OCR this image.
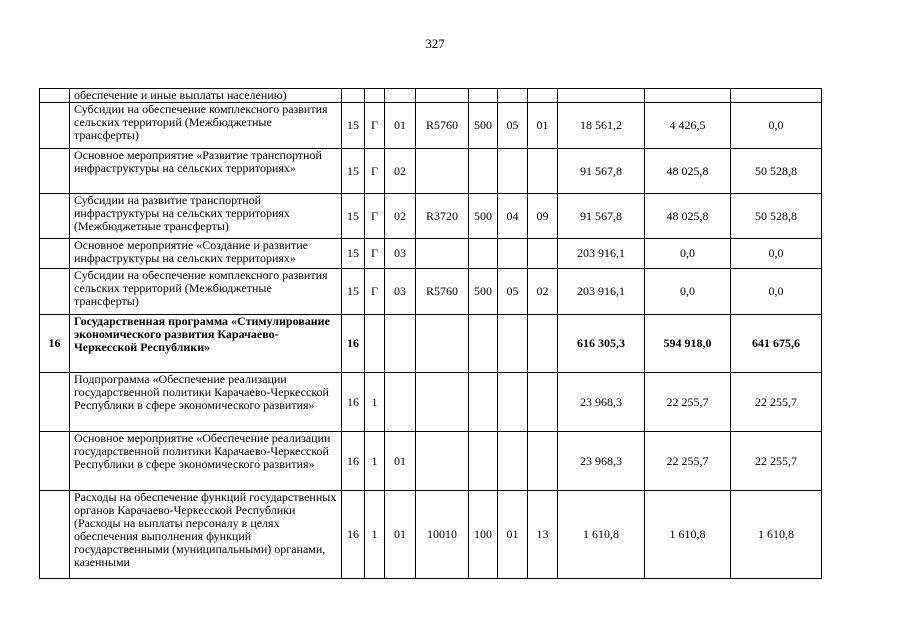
327
	обеспечение и иные выплаты населению)										
	Субсидии на обеспечение комплексного развития сельских территорий (Межбюджетные трансферты)	15	Г	01	R5760	500	05	01	18 561,2	4 426,5	0,0
	Основное мероприятие «Развитие транспортной инфраструктуры на сельских территориях»	15	Г	02					91 567,8	48 025,8	50 528,8
	Субсидии на развитие транспортной инфраструктуры на сельских территориях (Межбюджетные трансферты)	15	Г	02	R3720	500	04	09	91 567,8	48 025,8	50 528,8
	Основное мероприятие «Создание и развитие инфраструктуры на сельских территориях»	15	Г	03					203 916,1	0,0	0,0
	Субсидии на обеспечение комплексного развития сельских территорий (Межбюджетные трансферты)	15	Г	03	R5760	500	05	02	203 916,1	0,0	0,0
16	Государственная программа «Стимулирование экономического развития Карачаево-Черкесской Республики»	16							616 305,3	594 918,0	641 675,6
	Подпрограмма «Обеспечение реализации государственной политики Карачаево-Черкесской Республики в сфере экономического развития»	16	1						23 968,3	22 255,7	22 255,7
	Основное мероприятие «Обеспечение реализации государственной политики Карачаево-Черкесской Республики в сфере экономического развития»	16	1	01					23 968,3	22 255,7	22 255,7
	Расходы на обеспечение функций государственных органов Карачаево-Черкесской Республики (Расходы на выплаты персоналу в целях обеспечения выполнения функций государственными (муниципальными) органами, казенными	16	1	01	10010	100	01	13	1 610,8	1 610,8	1 610,8
